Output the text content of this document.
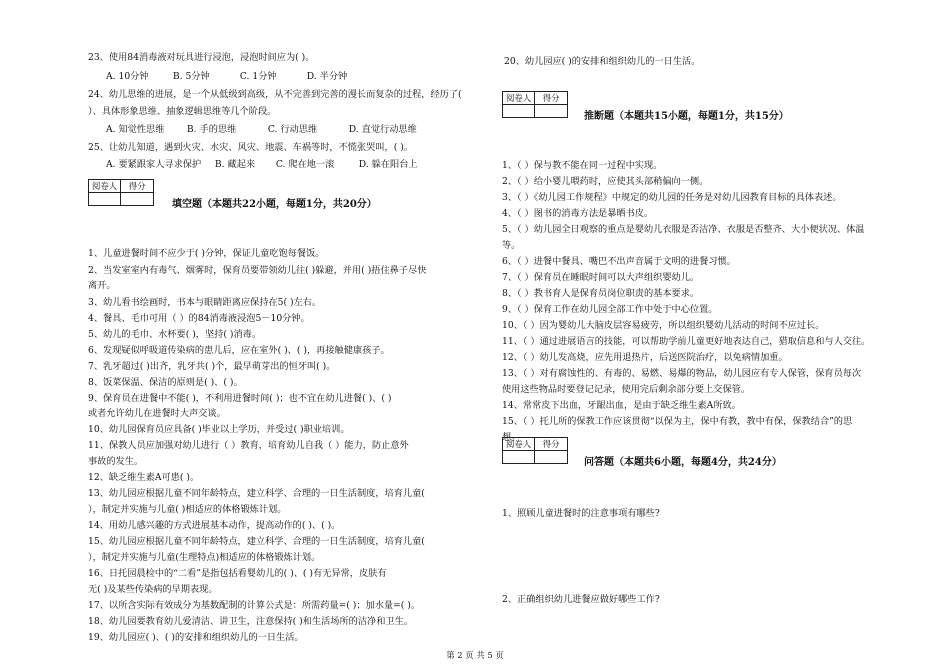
23、使用84消毒液对玩具进行浸泡，浸泡时间应为( )。
A. 10分钟	B. 5分钟	C. 1分钟	D. 半分钟
24、幼儿思维的进展，是一个从低级到高级，从不完善到完善的漫长而复杂的过程，经历了(
）、具体形象思维、抽象逻辑思维等几个阶段。
A. 知觉性思维 B. 手的思维	C. 行动思维	D. 直觉行动思维
25、让幼儿知道，遇到火灾、水灾、风灾、地震、车祸等时，不慌张哭叫，( )。
A. 要紧跟家人寻求保护 B. 藏起来 C. 爬在地一滚	D. 躲在阳台上
阅卷人	得分

填空题（本题共22小题，每题1分，共20分）
1、儿童进餐时间不应少于( )分钟，保证儿童吃饱每餐饭。
2、当发室室内有毒气、烟雾时，保育员要带领幼儿往( )躲避，并用( )捂住鼻子尽快
离开。
3、幼儿看书绘画时，书本与眼睛距离应保持在5( )左右。
4、餐具、毛巾可用（ ）的84消毒液浸泡5－10分钟。
5、幼儿的毛巾、水杯要( )，坚持( )消毒。
6、发现疑似呼吸道传染病的患儿后，应在室外( )、( )，再接触健康孩子。
7、乳牙超过( )出齐，乳牙共( )个，最早萌芽出的恒牙叫( )。
8、饭菜保温、保洁的原则是( )、( )。
9、保育员在进餐中不能( )，不利用进餐时间( )；也不宜在幼儿进餐( )、( )
或者允许幼儿在进餐时大声交谈。
10、幼儿园保育员应具备( )毕业以上学历，并受过( )职业培训。
11、保教人员应加强对幼儿进行（ ）教育，培育幼儿自我（ ）能力，防止意外
事故的发生。
12、缺乏维生素A可患( )。
13、幼儿园应根据儿童不同年龄特点，建立科学、合理的一日生活制度，培育儿童(
），制定并实施与儿童( )相适应的体格锻炼计划。
14、用幼儿感兴趣的方式进展基本动作，提高动作的( )、( )。
15、幼儿园应根据儿童不同年龄特点，建立科学、合理的一日生活制度，培育儿童(
），制定并实施与儿童(生理特点)相适应的体格锻炼计划。
16、日托园晨检中的“二看”是指包括看婴幼儿的( )、( )有无异常，皮肤有
无( )及某些传染病的早期表现。
17、以所含实际有效成分为基数配制的计算公式是：所需药量=( )；加水量=( )。
18、幼儿园要教育幼儿爱清洁、讲卫生，注意保持( )和生活场所的洁净和卫生。
19、幼儿园应( )、( )的安排和组织幼儿的一日生活。
20、幼儿园应( )的安排和组织幼儿的一日生活。
阅卷人	得分

推断题（本题共15小题，每题1分，共15分）
1、（ ）保与教不能在同一过程中实现。
2、（ ）给小婴儿喂药时，应使其头部稍偏向一侧。
3、（ ）《幼儿园工作规程》中规定的幼儿园的任务是对幼儿园教育目标的具体表述。
4、（ ）图书的消毒方法是暴晒书皮。
5、（ ）幼儿园全日观察的重点是婴幼儿衣服是否洁净、衣服是否整齐、大小便状况、体温
等。
6、（ ）进餐中餐具、嘴巴不出声音属于文明的进餐习惯。
7、（ ）保育员在睡眠时间可以大声组织婴幼儿。
8、（ ）教书育人是保育员岗位职责的基本要求。
9、（ ）保育工作在幼儿园全部工作中处于中心位置。
10、（ ）因为婴幼儿大脑皮层容易疲劳，所以组织婴幼儿活动的时间不应过长。
11、（ ）通过进展语言的技能，可以帮助学前儿童更好地表达自己，猎取信息和与人交往。
12、（ ）幼儿发高烧，应先用退热片，后送医院治疗，以免病情加重。
13、（ ）对有腐蚀性的、有毒的、易燃、易爆的物品，幼儿园应有专人保管，保育员每次
使用这些物品时要登记记录，使用完后剩余部分要上交保管。
14、常常皮下出血，牙龈出血，是由于缺乏维生素A所致。
15、（ ）托儿所的保教工作应该贯彻“以保为主，保中有教，教中有保，保教结合”的思
想。
阅卷人	得分

问答题（本题共6小题，每题4分，共24分）
1、照顾儿童进餐时的注意事项有哪些?
2、正确组织幼儿进餐应做好哪些工作?
第 2 页 共 5 页
